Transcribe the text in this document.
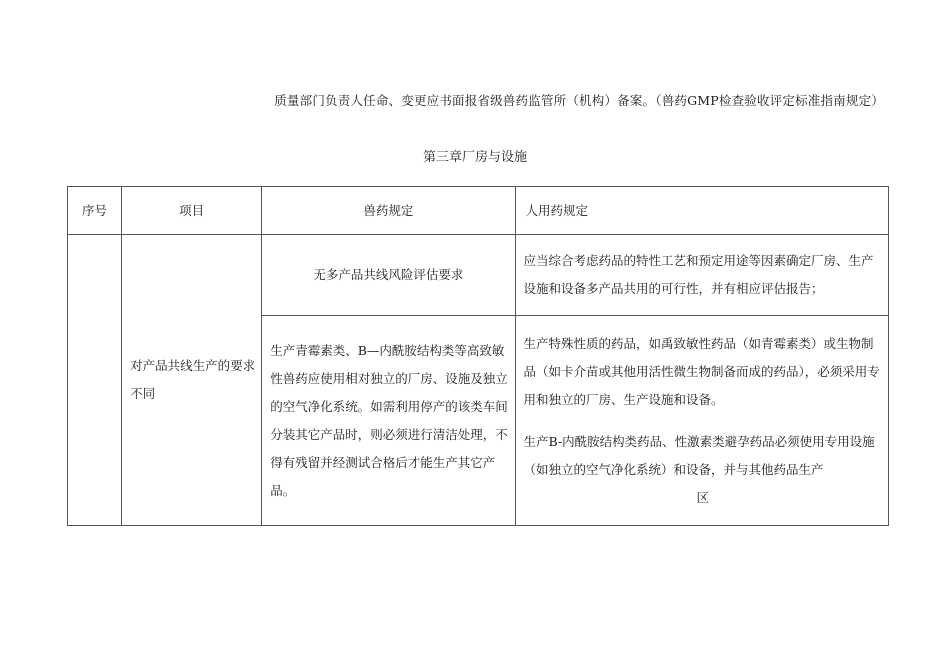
质量部门负责人任命、变更应书面报省级兽药监管所（机构）备案。（兽药GMP检查验收评定标准指南规定）
第三章厂房与设施
序号	项目	兽药规定	人用药规定
	对产品共线生产的要求不同	无多产品共线风险评估要求	应当综合考虑药品的特性工艺和预定用途等因素确定厂房、生产设施和设备多产品共用的可行性，并有相应评估报告；
		生产青霉素类、B—内酰胺结构类等高致敏性兽药应使用相对独立的厂房、设施及独立的空气净化系统。如需利用停产的该类车间分装其它产品时，则必须进行清洁处理，不得有残留并经测试合格后才能生产其它产品。	生产特殊性质的药品，如禹致敏性药品（如青霉素类）或生物制品（如卡介苗或其他用活性微生物制备而成的药品），必须采用专用和独立的厂房、生产设施和设备。
生产B-内酰胺结构类药品、性激素类避孕药品必须使用专用设施（如独立的空气净化系统）和设备，并与其他药品生产
区
